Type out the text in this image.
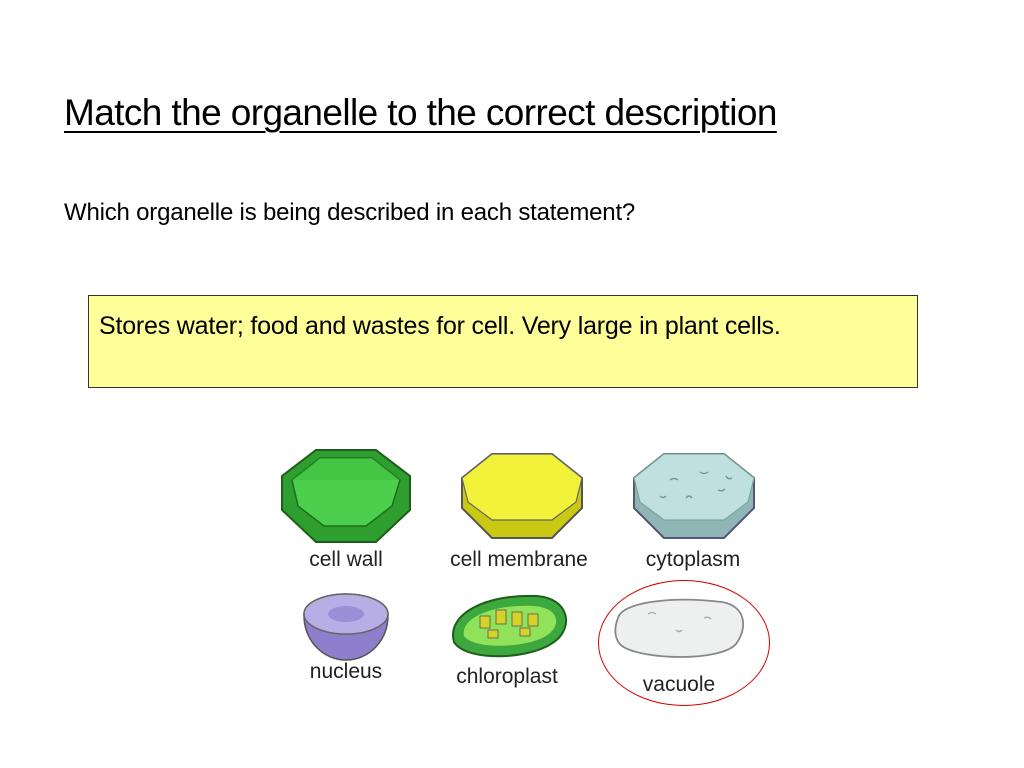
Match the organelle to the correct description

Which organelle is being described in each statement?

Stores water; food and wastes for cell. Very large in plant cells.
cell wall	cell membrane	cytoplasm
nucleus	chloroplast	vacuole
